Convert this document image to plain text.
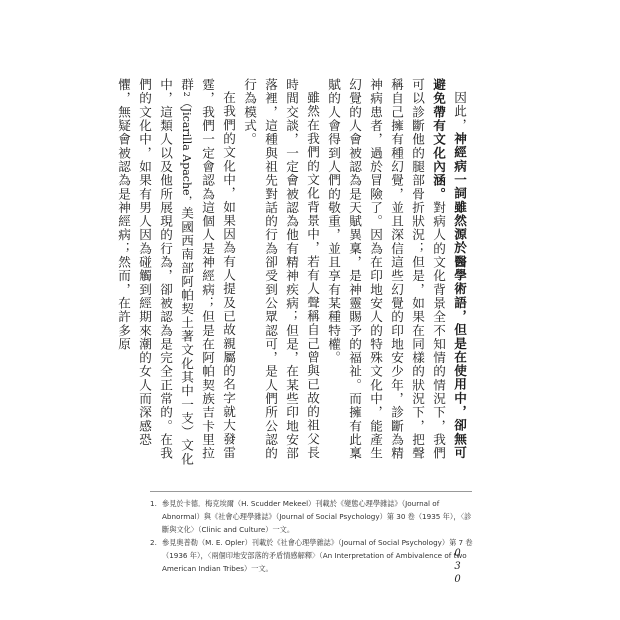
因此，神經病一詞雖然源於醫學術語，但是在使用中，卻無可避免帶有文化內涵。對病人的文化背景全不知情的情況下，我們可以診斷他的腿部骨折狀況；但是，如果在同樣的狀況下，把聲稱自己擁有種幻覺，並且深信這些幻覺的印地安少年，診斷為精神病患者，過於冒險了。因為在印地安人的特殊文化中，能產生幻覺的人會被認為是天賦異稟，是神靈賜予的福祉。而擁有此稟賦的人會得到人們的敬重，並且享有某種特權。

雖然在我們的文化背景中，若有人聲稱自己曾與已故的祖父長時間交談，一定會被認為他有精神疾病；但是，在某些印地安部落裡，這種與祖先對話的行為卻受到公眾認可，是人們所公認的行為模式。

在我們的文化中，如果因為有人提及已故親屬的名字就大發雷霆，我們一定會認為這個人是神經病；但是在阿帕契族吉卡里拉群2（Jicarilla Apache，美國西南部阿帕契土著文化其中一支）文化中，這類人以及他所展現的行為，卻被認為是完全正常的。在我們的文化中，如果有男人因為碰觸到經期來潮的女人而深感恐懼，無疑會被認為是神經病；然而，在許多原

1. 參見於卡德．梅克埃爾（H. Scudder Mekeel）刊載於《變態心理學雜誌》（Journal of Abnormal）與《社會心理學雜誌》（Journal of Social Psychology）第 30 卷（1935 年），〈診斷與文化〉（Clinic and Culture）一文。
2. 參見奧普勒（M. E. Opler）刊載於《社會心理學雜誌》（Journal of Social Psychology）第 7 卷（1936 年），〈兩個印地安部落的矛盾情感解釋〉（An Interpretation of Ambivalence of two American Indian Tribes）一文。	030
